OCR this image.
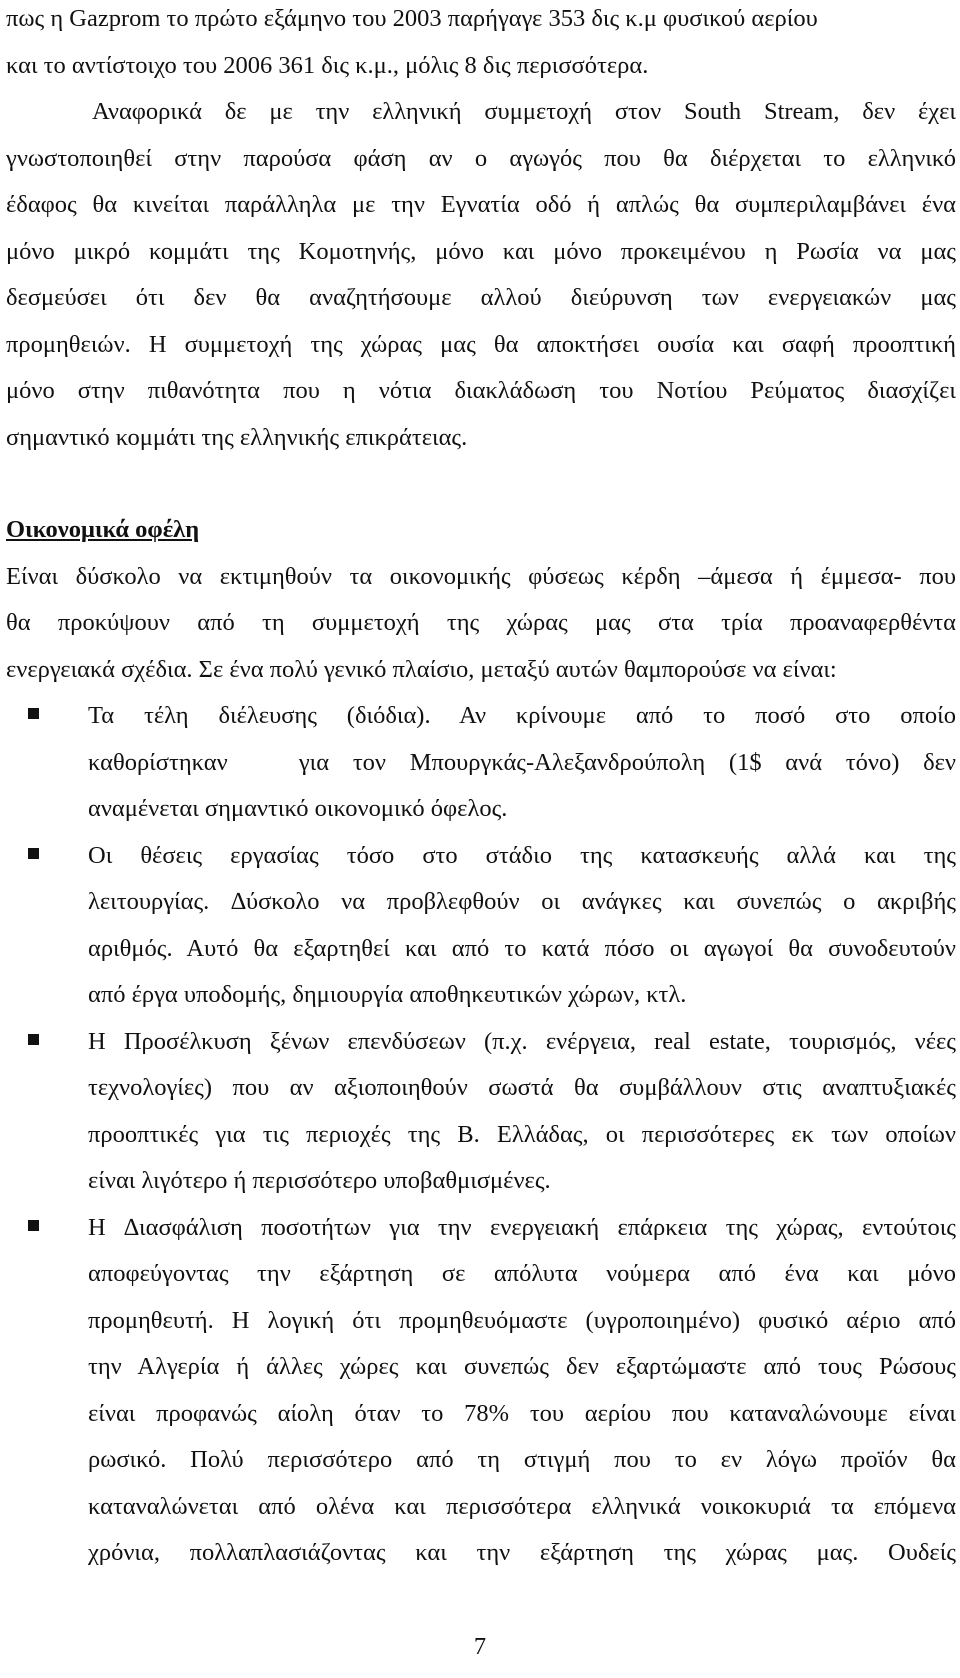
πως η Gazprom το πρώτο εξάμηνο του 2003 παρήγαγε 353 δις κ.μ φυσικού αερίου
και το αντίστοιχο του 2006 361 δις κ.μ., μόλις 8 δις περισσότερα.
Αναφορικά δε με την ελληνική συμμετοχή στον South Stream, δεν έχει
γνωστοποιηθεί στην παρούσα φάση αν ο αγωγός που θα διέρχεται το ελληνικό
έδαφος θα κινείται παράλληλα με την Εγνατία οδό ή απλώς θα συμπεριλαμβάνει ένα
μόνο μικρό κομμάτι της Κομοτηνής, μόνο και μόνο προκειμένου η Ρωσία να μας
δεσμεύσει ότι δεν θα αναζητήσουμε αλλού διεύρυνση των ενεργειακών μας
προμηθειών. Η συμμετοχή της χώρας μας θα αποκτήσει ουσία και σαφή προοπτική
μόνο στην πιθανότητα που η νότια διακλάδωση του Νοτίου Ρεύματος διασχίζει
σημαντικό κομμάτι της ελληνικής επικράτειας.
Οικονομικά οφέλη
Είναι δύσκολο να εκτιμηθούν τα οικονομικής φύσεως κέρδη –άμεσα ή έμμεσα- που
θα προκύψουν από τη συμμετοχή της χώρας μας στα τρία προαναφερθέντα
ενεργειακά σχέδια. Σε ένα πολύ γενικό πλαίσιο, μεταξύ αυτών θαμπορούσε να είναι:
Τα τέλη διέλευσης (διόδια). Αν κρίνουμε από το ποσό στο οποίο
καθορίστηκαν   για τον Μπουργκάς-Αλεξανδρούπολη (1$ ανά τόνο) δεν
αναμένεται σημαντικό οικονομικό όφελος.
Οι θέσεις εργασίας τόσο στο στάδιο της κατασκευής αλλά και της
λειτουργίας. ∆ύσκολο να προβλεφθούν οι ανάγκες και συνεπώς ο ακριβής
αριθμός. Αυτό θα εξαρτηθεί και από το κατά πόσο οι αγωγοί θα συνοδευτούν
από έργα υποδομής, δημιουργία αποθηκευτικών χώρων, κτλ.
Η Προσέλκυση ξένων επενδύσεων (π.χ. ενέργεια, real estate, τουρισμός, νέες
τεχνολογίες) που αν αξιοποιηθούν σωστά θα συμβάλλουν στις αναπτυξιακές
προοπτικές για τις περιοχές της Β. Ελλάδας, οι περισσότερες εκ των οποίων
είναι λιγότερο ή περισσότερο υποβαθμισμένες.
Η ∆ιασφάλιση ποσοτήτων για την ενεργειακή επάρκεια της χώρας, εντούτοις
αποφεύγοντας την εξάρτηση σε απόλυτα νούμερα από ένα και μόνο
προμηθευτή. Η λογική ότι προμηθευόμαστε (υγροποιημένο) φυσικό αέριο από
την Αλγερία ή άλλες χώρες και συνεπώς δεν εξαρτώμαστε από τους Ρώσους
είναι προφανώς αίολη όταν το 78% του αερίου που καταναλώνουμε είναι
ρωσικό. Πολύ περισσότερο από τη στιγμή που το εν λόγω προϊόν θα
καταναλώνεται από ολένα και περισσότερα ελληνικά νοικοκυριά τα επόμενα
χρόνια, πολλαπλασιάζοντας και την εξάρτηση της χώρας μας. Ουδείς
7
